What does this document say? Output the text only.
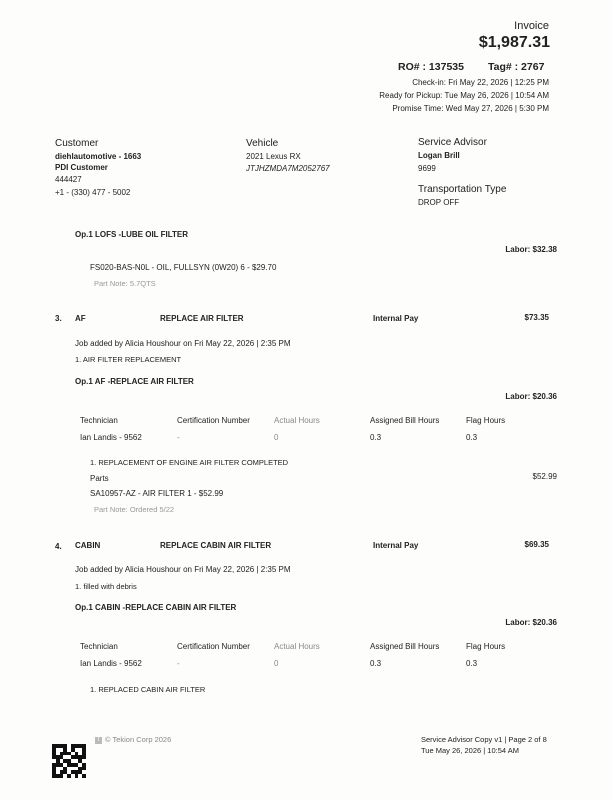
Invoice
$1,987.31
RO# : 137535 Tag# : 2767
Check-in: Fri May 22, 2026 | 12:25 PM
Ready for Pickup: Tue May 26, 2026 | 10:54 AM
Promise Time: Wed May 27, 2026 | 5:30 PM
Customer
diehlautomotive - 1663
PDI Customer
444427
+1 - (330) 477 - 5002
Vehicle
2021 Lexus RX
JTJHZMDA7M2052767
Service Advisor
Logan Brill
9699
Transportation Type
DROP OFF
Op.1 LOFS -LUBE OIL FILTER
Labor: $32.38
FS020-BAS-N0L - OIL, FULLSYN (0W20) 6 - $29.70
Part Note: 5.7QTS
3. AF	REPLACE AIR FILTER	Internal Pay	$73.35
Job added by Alicia Houshour on Fri May 22, 2026 | 2:35 PM
1. AIR FILTER REPLACEMENT
Op.1 AF -REPLACE AIR FILTER
Labor: $20.36
Technician	Certification Number	Actual Hours	Assigned Bill Hours	Flag Hours
Ian Landis - 9562	-	0	0.3	0.3
1. REPLACEMENT OF ENGINE AIR FILTER COMPLETED
Parts	$52.99
SA10957-AZ - AIR FILTER 1 - $52.99
Part Note: Ordered 5/22
4. CABIN	REPLACE CABIN AIR FILTER	Internal Pay	$69.35
Job added by Alicia Houshour on Fri May 22, 2026 | 2:35 PM
1. filled with debris
Op.1 CABIN -REPLACE CABIN AIR FILTER
Labor: $20.36
Technician	Certification Number	Actual Hours	Assigned Bill Hours	Flag Hours
Ian Landis - 9562	-	0	0.3	0.3
1. REPLACED CABIN AIR FILTER
T © Tekion Corp 2026	Service Advisor Copy v1 | Page 2 of 8
Tue May 26, 2026 | 10:54 AM
